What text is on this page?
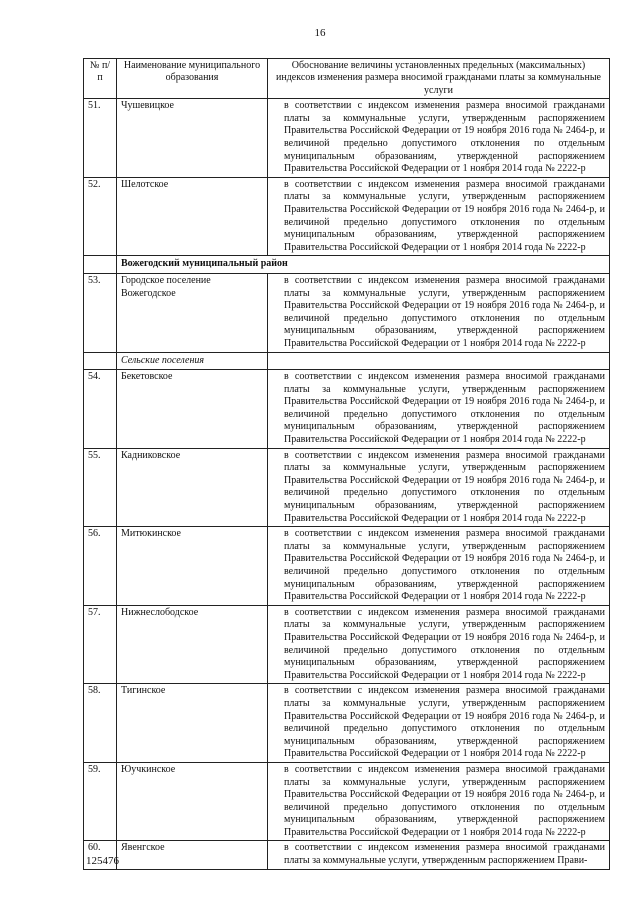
16
№ п/п	Наименование муниципального образования	Обоснование величины установленных предельных (максимальных) индексов изменения размера вносимой гражданами платы за коммунальные услуги
51.	Чушевицкое	в соответствии с индексом изменения размера вносимой гражданами платы за коммунальные услуги, утвержденным распоряжением Правительства Российской Федерации от 19 ноября 2016 года № 2464-р, и величиной предельно допустимого отклонения по отдельным муниципальным образованиям, утвержденной распоряжением Правительства Российской Федерации от 1 ноября 2014 года № 2222-р

52.	Шелотское	в соответствии с индексом изменения размера вносимой гражданами платы за коммунальные услуги, утвержденным распоряжением Правительства Российской Федерации от 19 ноября 2016 года № 2464-р, и величиной предельно допустимого отклонения по отдельным муниципальным образованиям, утвержденной распоряжением Правительства Российской Федерации от 1 ноября 2014 года № 2222-р

	Вожегодский муниципальный район	
53.	Городское поселение Вожегодское	в соответствии с индексом изменения размера вносимой гражданами платы за коммунальные услуги, утвержденным распоряжением Правительства Российской Федерации от 19 ноября 2016 года № 2464-р, и величиной предельно допустимого отклонения по отдельным муниципальным образованиям, утвержденной распоряжением Правительства Российской Федерации от 1 ноября 2014 года № 2222-р

	Сельские поселения	
54.	Бекетовское	в соответствии с индексом изменения размера вносимой гражданами платы за коммунальные услуги, утвержденным распоряжением Правительства Российской Федерации от 19 ноября 2016 года № 2464-р, и величиной предельно допустимого отклонения по отдельным муниципальным образованиям, утвержденной распоряжением Правительства Российской Федерации от 1 ноября 2014 года № 2222-р

55.	Кадниковское	в соответствии с индексом изменения размера вносимой гражданами платы за коммунальные услуги, утвержденным распоряжением Правительства Российской Федерации от 19 ноября 2016 года № 2464-р, и величиной предельно допустимого отклонения по отдельным муниципальным образованиям, утвержденной распоряжением Правительства Российской Федерации от 1 ноября 2014 года № 2222-р

56.	Митюкинское	в соответствии с индексом изменения размера вносимой гражданами платы за коммунальные услуги, утвержденным распоряжением Правительства Российской Федерации от 19 ноября 2016 года № 2464-р, и величиной предельно допустимого отклонения по отдельным муниципальным образованиям, утвержденной распоряжением Правительства Российской Федерации от 1 ноября 2014 года № 2222-р

57.	Нижнеслободское	в соответствии с индексом изменения размера вносимой гражданами платы за коммунальные услуги, утвержденным распоряжением Правительства Российской Федерации от 19 ноября 2016 года № 2464-р, и величиной предельно допустимого отклонения по отдельным муниципальным образованиям, утвержденной распоряжением Правительства Российской Федерации от 1 ноября 2014 года № 2222-р

58.	Тигинское	в соответствии с индексом изменения размера вносимой гражданами платы за коммунальные услуги, утвержденным распоряжением Правительства Российской Федерации от 19 ноября 2016 года № 2464-р, и величиной предельно допустимого отклонения по отдельным муниципальным образованиям, утвержденной распоряжением Правительства Российской Федерации от 1 ноября 2014 года № 2222-р

59.	Юучкинское	в соответствии с индексом изменения размера вносимой гражданами платы за коммунальные услуги, утвержденным распоряжением Правительства Российской Федерации от 19 ноября 2016 года № 2464-р, и величиной предельно допустимого отклонения по отдельным муниципальным образованиям, утвержденной распоряжением Правительства Российской Федерации от 1 ноября 2014 года № 2222-р

60.	Явенгское	в соответствии с индексом изменения размера вносимой гражданами платы за коммунальные услуги, утвержденным распоряжением Прави-
125476
